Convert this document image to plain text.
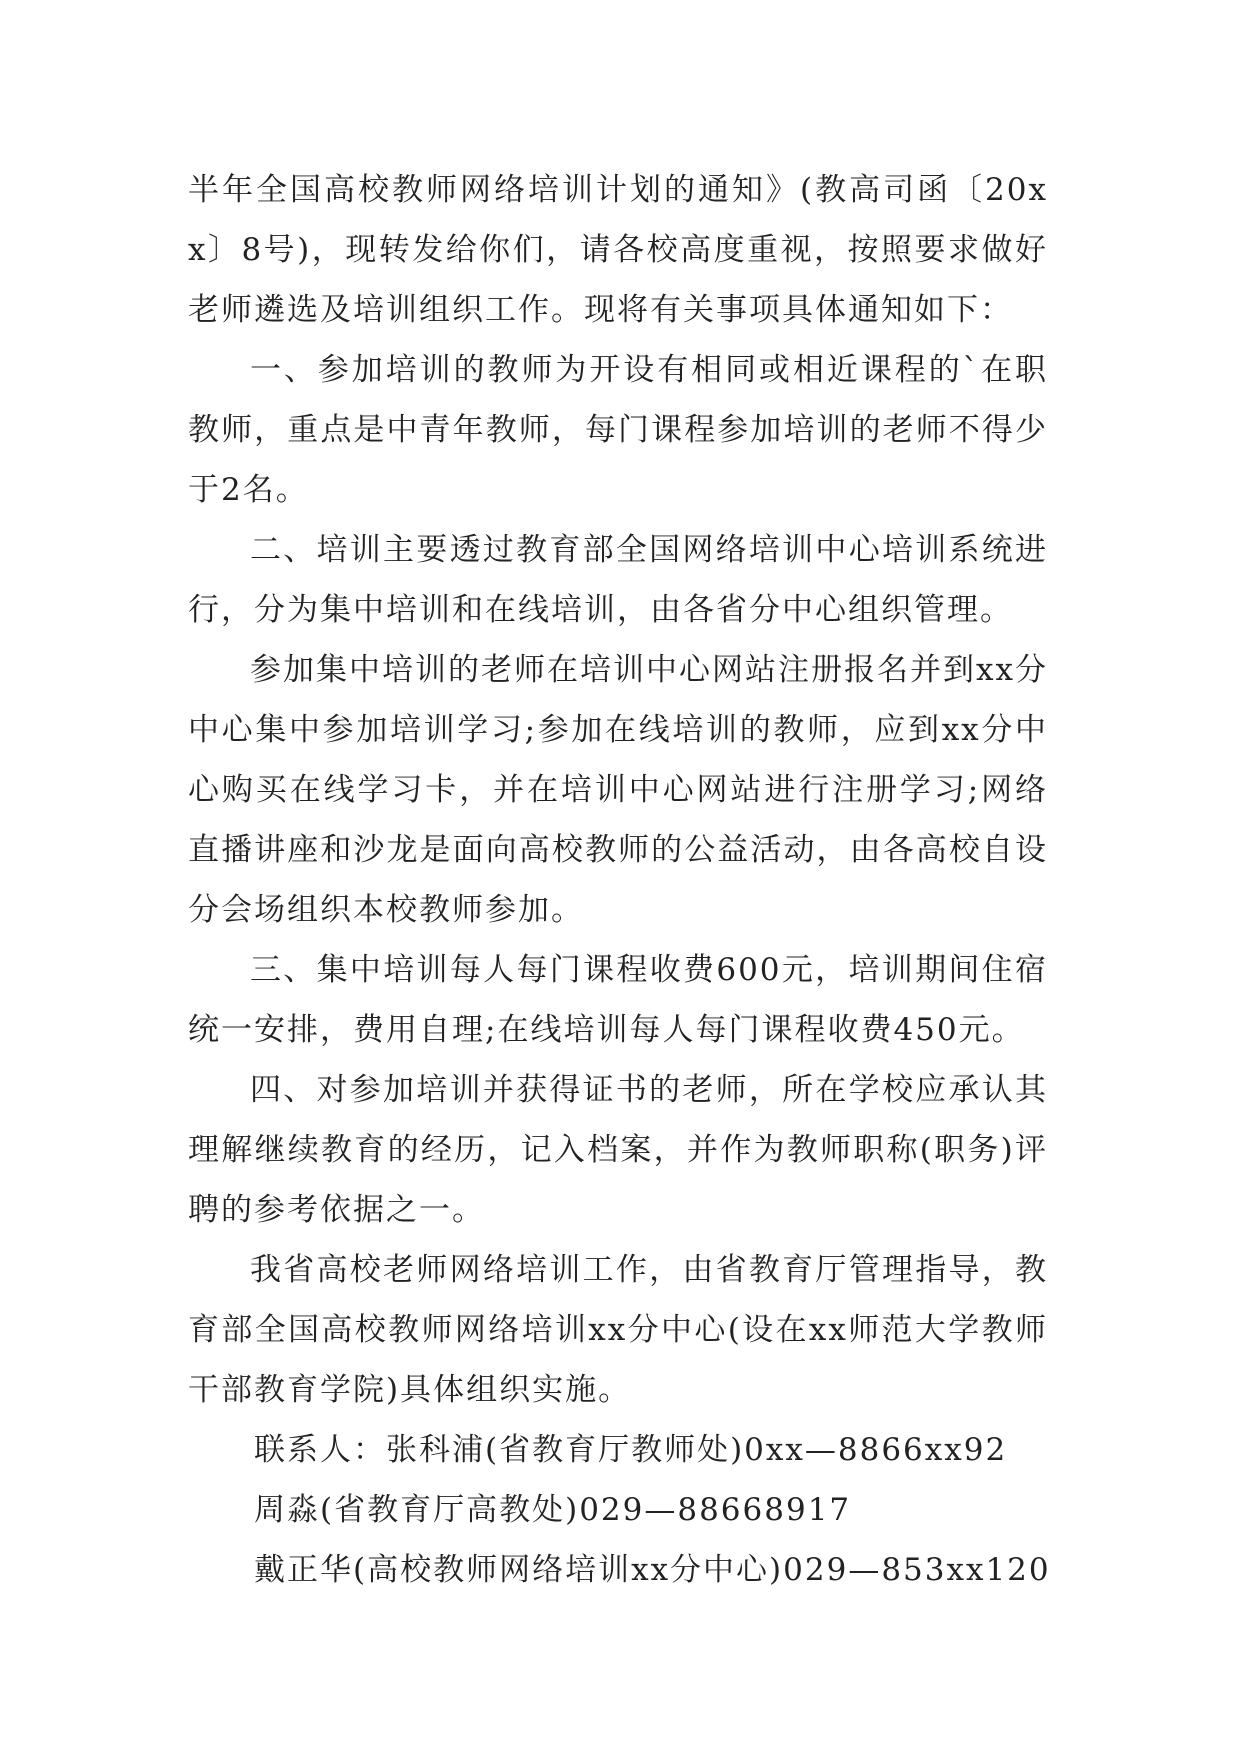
半年全国高校教师网络培训计划的通知》(教高司函〔20xx〕8号)，现转发给你们，请各校高度重视，按照要求做好老师遴选及培训组织工作。现将有关事项具体通知如下：

一、参加培训的教师为开设有相同或相近课程的`在职教师，重点是中青年教师，每门课程参加培训的老师不得少于2名。

二、培训主要透过教育部全国网络培训中心培训系统进行，分为集中培训和在线培训，由各省分中心组织管理。

参加集中培训的老师在培训中心网站注册报名并到xx分中心集中参加培训学习;参加在线培训的教师，应到xx分中心购买在线学习卡，并在培训中心网站进行注册学习;网络直播讲座和沙龙是面向高校教师的公益活动，由各高校自设分会场组织本校教师参加。

三、集中培训每人每门课程收费600元，培训期间住宿统一安排，费用自理;在线培训每人每门课程收费450元。

四、对参加培训并获得证书的老师，所在学校应承认其理解继续教育的经历，记入档案，并作为教师职称(职务)评聘的参考依据之一。

我省高校老师网络培训工作，由省教育厅管理指导，教育部全国高校教师网络培训xx分中心(设在xx师范大学教师干部教育学院)具体组织实施。

联系人：张科浦(省教育厅教师处)0xx—8866xx92

周淼(省教育厅高教处)029—88668917

戴正华(高校教师网络培训xx分中心)029—853xx120
